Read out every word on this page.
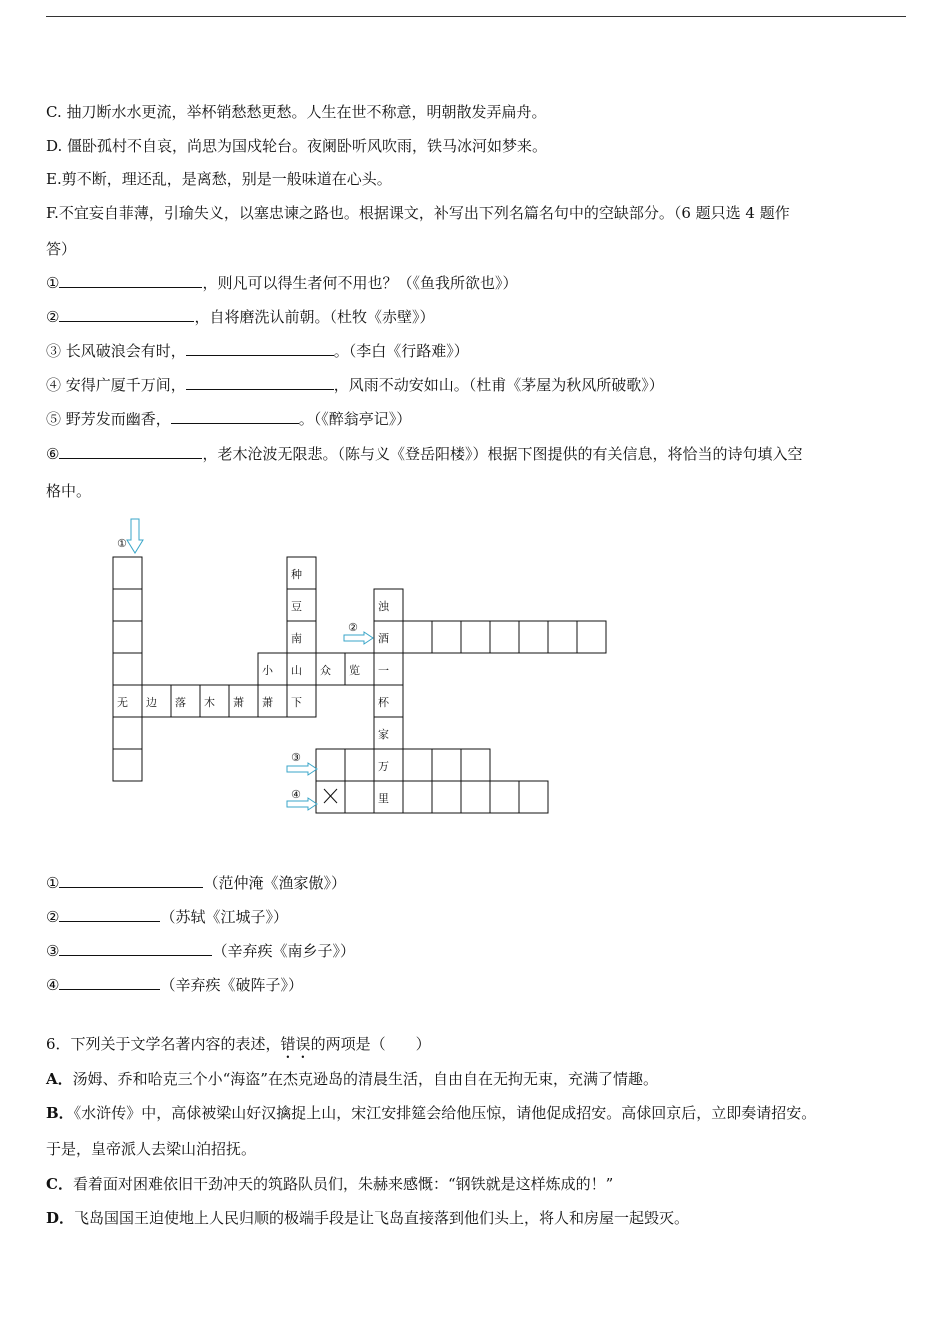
C. 抽刀断水水更流，举杯销愁愁更愁。人生在世不称意，明朝散发弄扁舟。
D. 僵卧孤村不自哀，尚思为国戍轮台。夜阑卧听风吹雨，铁马冰河如梦来。
E.剪不断，理还乱，是离愁，别是一般味道在心头。
F.不宜妄自菲薄，引瑜失义，以塞忠谏之路也。根据课文，补写出下列名篇名句中的空缺部分。（6 题只选 4 题作
答）
①	，则凡可以得生者何不用也？（《鱼我所欲也》）
②	，自将磨洗认前朝。（杜牧《赤壁》）
③ 长风破浪会有时，	。（李白《行路难》）
④ 安得广厦千万间，	，风雨不动安如山。（杜甫《茅屋为秋风所破歌》）
⑤ 野芳发而幽香，	。（《醉翁亭记》）
⑥	，老木沧波无限悲。（陈与义《登岳阳楼》）根据下图提供的有关信息，将恰当的诗句填入空
格中。
种
豆
南
小 山 众 览
无 边 落 木 萧 萧 下
浊
酒
一
杯
家
万
里
①
②
③
④
①	（范仲淹《渔家傲》）
②	（苏轼《江城子》）
③	（辛弃疾《南乡子》）
④	（辛弃疾《破阵子》）
6．下列关于文学名著内容的表述，错误的两项是（　　）
A．汤姆、乔和哈克三个小“海盗”在杰克逊岛的清晨生活，自由自在无拘无束，充满了情趣。
B．《水浒传》中，高俅被梁山好汉擒捉上山，宋江安排筵会给他压惊，请他促成招安。高俅回京后，立即奏请招安。
于是，皇帝派人去梁山泊招抚。
C．看着面对困难依旧干劲冲天的筑路队员们，朱赫来感慨：“钢铁就是这样炼成的！”
D．飞岛国国王迫使地上人民归顺的极端手段是让飞岛直接落到他们头上，将人和房屋一起毁灭。
